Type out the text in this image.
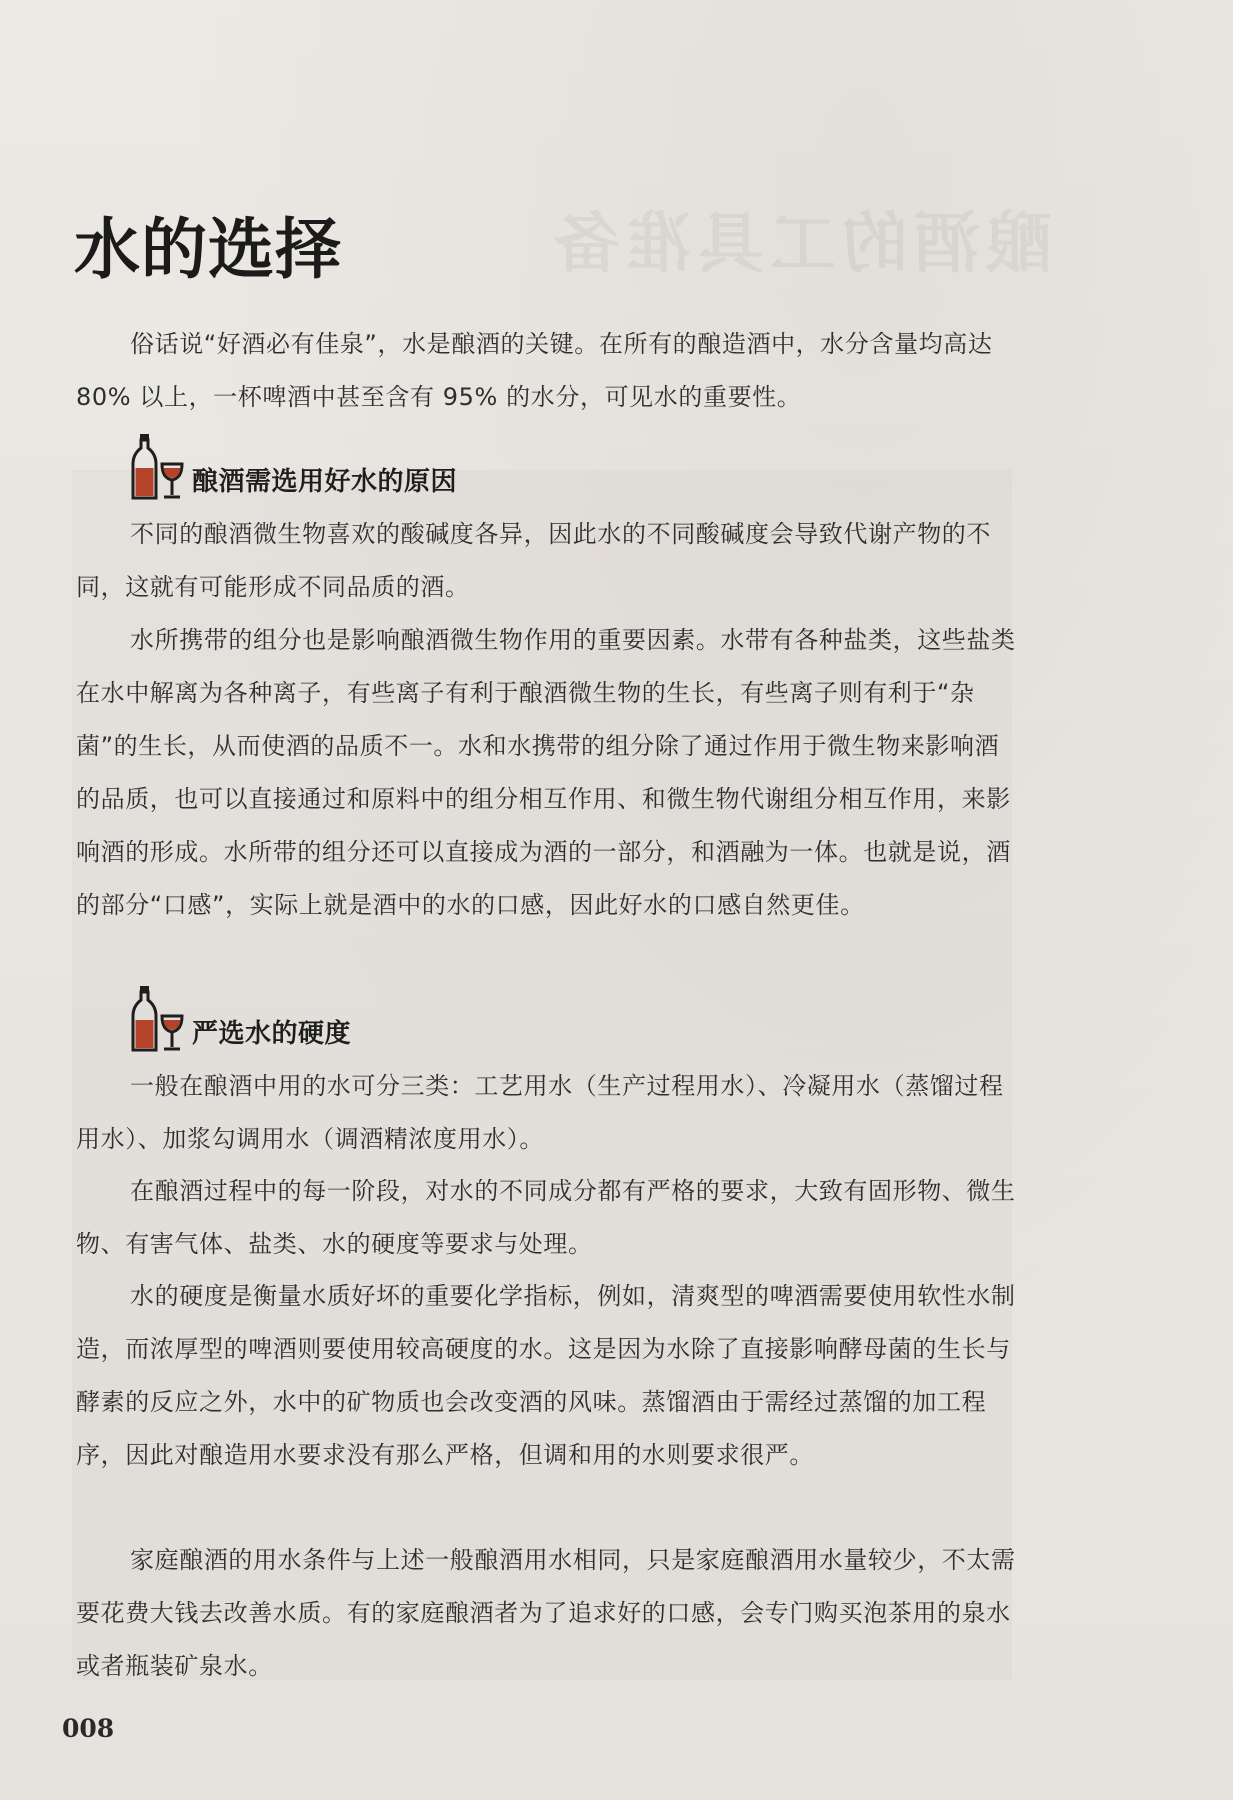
酿酒的工具准备
水的选择

俗话说“好酒必有佳泉”，水是酿酒的关键。在所有的酿造酒中，水分含量均高达 80% 以上，一杯啤酒中甚至含有 95% 的水分，可见水的重要性。

酿酒需选用好水的原因

不同的酿酒微生物喜欢的酸碱度各异，因此水的不同酸碱度会导致代谢产物的不同，这就有可能形成不同品质的酒。

水所携带的组分也是影响酿酒微生物作用的重要因素。水带有各种盐类，这些盐类在水中解离为各种离子，有些离子有利于酿酒微生物的生长，有些离子则有利于“杂菌”的生长，从而使酒的品质不一。水和水携带的组分除了通过作用于微生物来影响酒的品质，也可以直接通过和原料中的组分相互作用、和微生物代谢组分相互作用，来影响酒的形成。水所带的组分还可以直接成为酒的一部分，和酒融为一体。也就是说，酒的部分“口感”，实际上就是酒中的水的口感，因此好水的口感自然更佳。

严选水的硬度

一般在酿酒中用的水可分三类：工艺用水（生产过程用水）、冷凝用水（蒸馏过程用水）、加浆勾调用水（调酒精浓度用水）。

在酿酒过程中的每一阶段，对水的不同成分都有严格的要求，大致有固形物、微生物、有害气体、盐类、水的硬度等要求与处理。

水的硬度是衡量水质好坏的重要化学指标，例如，清爽型的啤酒需要使用软性水制造，而浓厚型的啤酒则要使用较高硬度的水。这是因为水除了直接影响酵母菌的生长与酵素的反应之外，水中的矿物质也会改变酒的风味。蒸馏酒由于需经过蒸馏的加工程序，因此对酿造用水要求没有那么严格，但调和用的水则要求很严。

家庭酿酒的用水条件与上述一般酿酒用水相同，只是家庭酿酒用水量较少，不太需要花费大钱去改善水质。有的家庭酿酒者为了追求好的口感，会专门购买泡茶用的泉水或者瓶装矿泉水。

008
